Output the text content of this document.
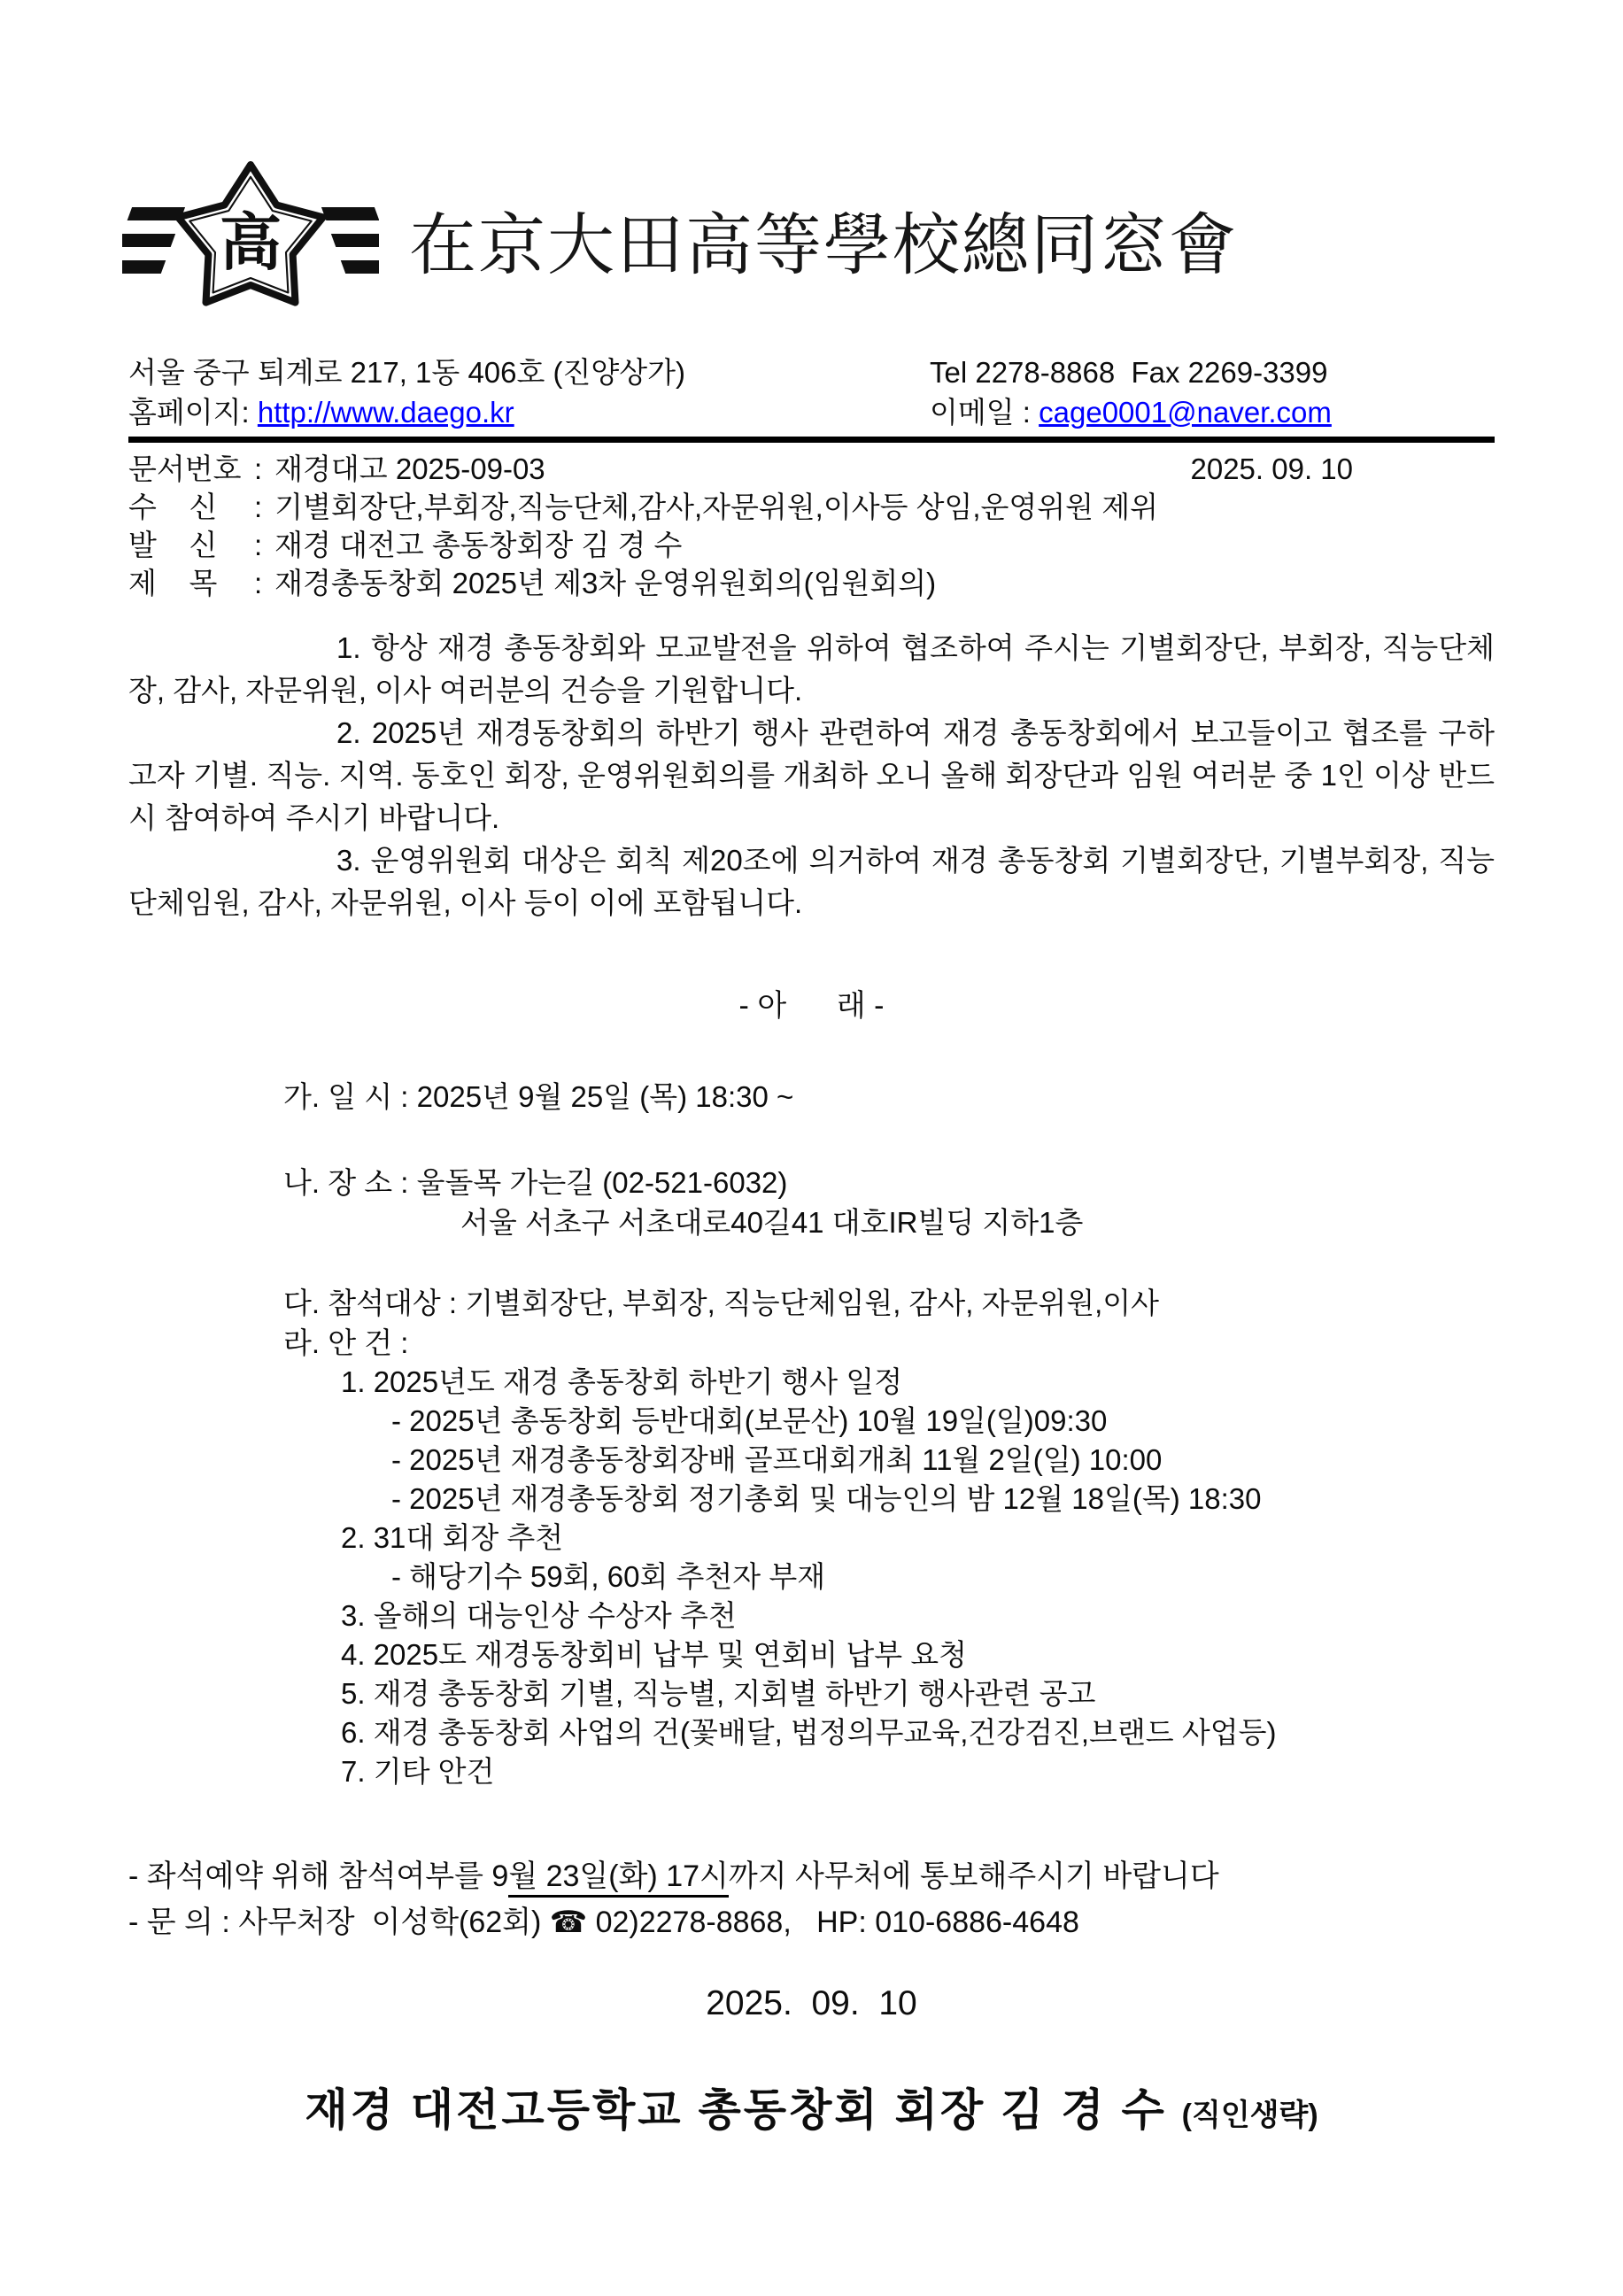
高 在京大田高等學校總同窓會
서울 중구 퇴계로 217, 1동 406호 (진양상가)	Tel 2278-8868  Fax 2269-3399
홈페이지: http://www.daego.kr	이메일 : cage0001@naver.com
문서번호 : 재경대고 2025-09-03	2025. 09. 10
수    신	: 기별회장단,부회장,직능단체,감사,자문위원,이사등 상임,운영위원 제위
발    신	: 재경 대전고 총동창회장 김 경 수
제    목	: 재경총동창회 2025년 제3차 운영위원회의(임원회의)

1. 항상 재경 총동창회와 모교발전을 위하여 협조하여 주시는 기별회장단, 부회장, 직능단체장, 감사, 자문위원, 이사 여러분의 건승을 기원합니다.

2. 2025년 재경동창회의 하반기 행사 관련하여 재경 총동창회에서 보고들이고 협조를 구하고자 기별. 직능. 지역. 동호인 회장, 운영위원회의를 개최하 오니 올해 회장단과 임원 여러분 중 1인 이상 반드시 참여하여 주시기 바랍니다.

3. 운영위원회 대상은 회칙 제20조에 의거하여 재경 총동창회 기별회장단, 기별부회장, 직능단체임원, 감사, 자문위원, 이사 등이 이에 포함됩니다.

- 아      래 -
가. 일 시 : 2025년 9월 25일 (목) 18:30 ~
나. 장 소 : 울돌목 가는길 (02-521-6032)
서울 서초구 서초대로40길41 대호IR빌딩 지하1층
다. 참석대상 : 기별회장단, 부회장, 직능단체임원, 감사, 자문위원,이사
라. 안 건 :
1. 2025년도 재경 총동창회 하반기 행사 일정
- 2025년 총동창회 등반대회(보문산) 10월 19일(일)09:30
- 2025년 재경총동창회장배 골프대회개최 11월 2일(일) 10:00
- 2025년 재경총동창회 정기총회 및 대능인의 밤 12월 18일(목) 18:30
2. 31대 회장 추천
- 해당기수 59회, 60회 추천자 부재
3. 올해의 대능인상 수상자 추천
4. 2025도 재경동창회비 납부 및 연회비 납부 요청
5. 재경 총동창회 기별, 직능별, 지회별 하반기 행사관련 공고
6. 재경 총동창회 사업의 건(꽃배달, 법정의무교육,건강검진,브랜드 사업등)
7. 기타 안건
- 좌석예약 위해 참석여부를 9월 23일(화) 17시까지 사무처에 통보해주시기 바랍니다
- 문 의 : 사무처장  이성학(62회) ☎ 02)2278-8868,   HP: 010-6886-4648
2025.  09.  10
재경 대전고등학교 총동창회 회장 김 경 수 (직인생략)
